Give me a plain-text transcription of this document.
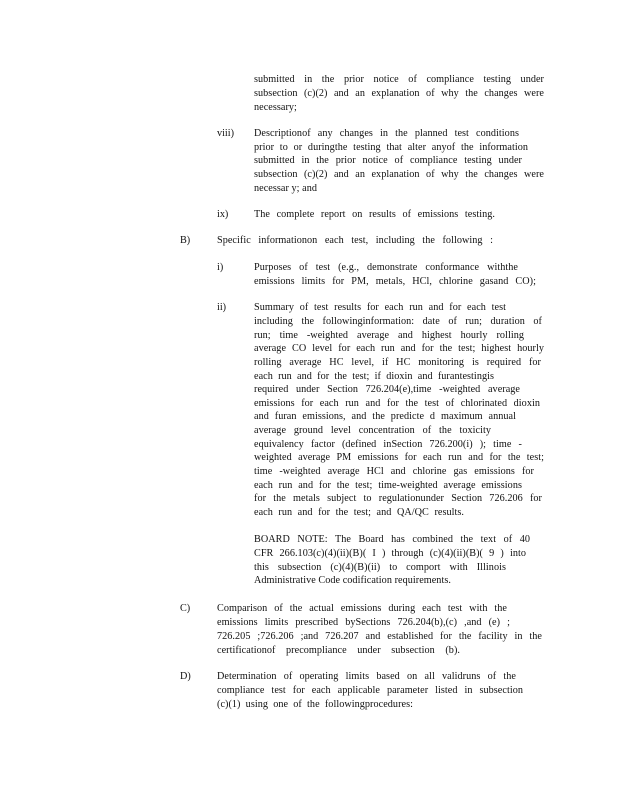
submitted in the prior notice of compliance testing under
subsection (c)(2) and an explanation of why the changes were
necessary;
viii) Descriptionof any changes in the planned test conditions
prior to or duringthe testing that alter anyof the information
submitted in the prior notice of compliance testing under
subsection (c)(2) and an explanation of why the changes were
necessar y; and
ix)	The complete report on results of emissions testing.
B)	Specific informationon each test, including the following :
i)	Purposes of test (e.g., demonstrate conformance withthe
emissions limits for PM, metals, HCl, chlorine gasand CO);
ii)	Summary of test results for each run and for each test
including the followinginformation: date of run; duration of
run; time -weighted average and highest hourly rolling
average CO level for each run and for the test; highest hourly
rolling average HC level, if HC monitoring is required for
each run and for the test; if dioxin and furantestingis
required under Section 726.204(e),time -weighted average
emissions for each run and for the test of chlorinated dioxin
and furan emissions, and the predicte d maximum annual
average ground level concentration of the toxicity
equivalency factor (defined inSection 726.200(i) ); time -
weighted average PM emissions for each run and for the test;
time -weighted average HCl and chlorine gas emissions for
each run and for the test; time-weighted average emissions
for the metals subject to regulationunder Section 726.206 for
each run and for the test; and QA/QC results.
BOARD NOTE: The Board has combined the text of 40
CFR 266.103(c)(4)(ii)(B)( I ) through (c)(4)(ii)(B)( 9 ) into
this subsection (c)(4)(B)(ii) to comport with Illinois
Administrative Code codification requirements.
C)	Comparison of the actual emissions during each test with the
emissions limits prescribed bySections 726.204(b),(c) ,and (e) ;
726.205 ;726.206 ;and 726.207 and established for the facility in the
certificationof precompliance under subsection (b).
D)	Determination of operating limits based on all validruns of the
compliance test for each applicable parameter listed in subsection
(c)(1) using one of the followingprocedures:
